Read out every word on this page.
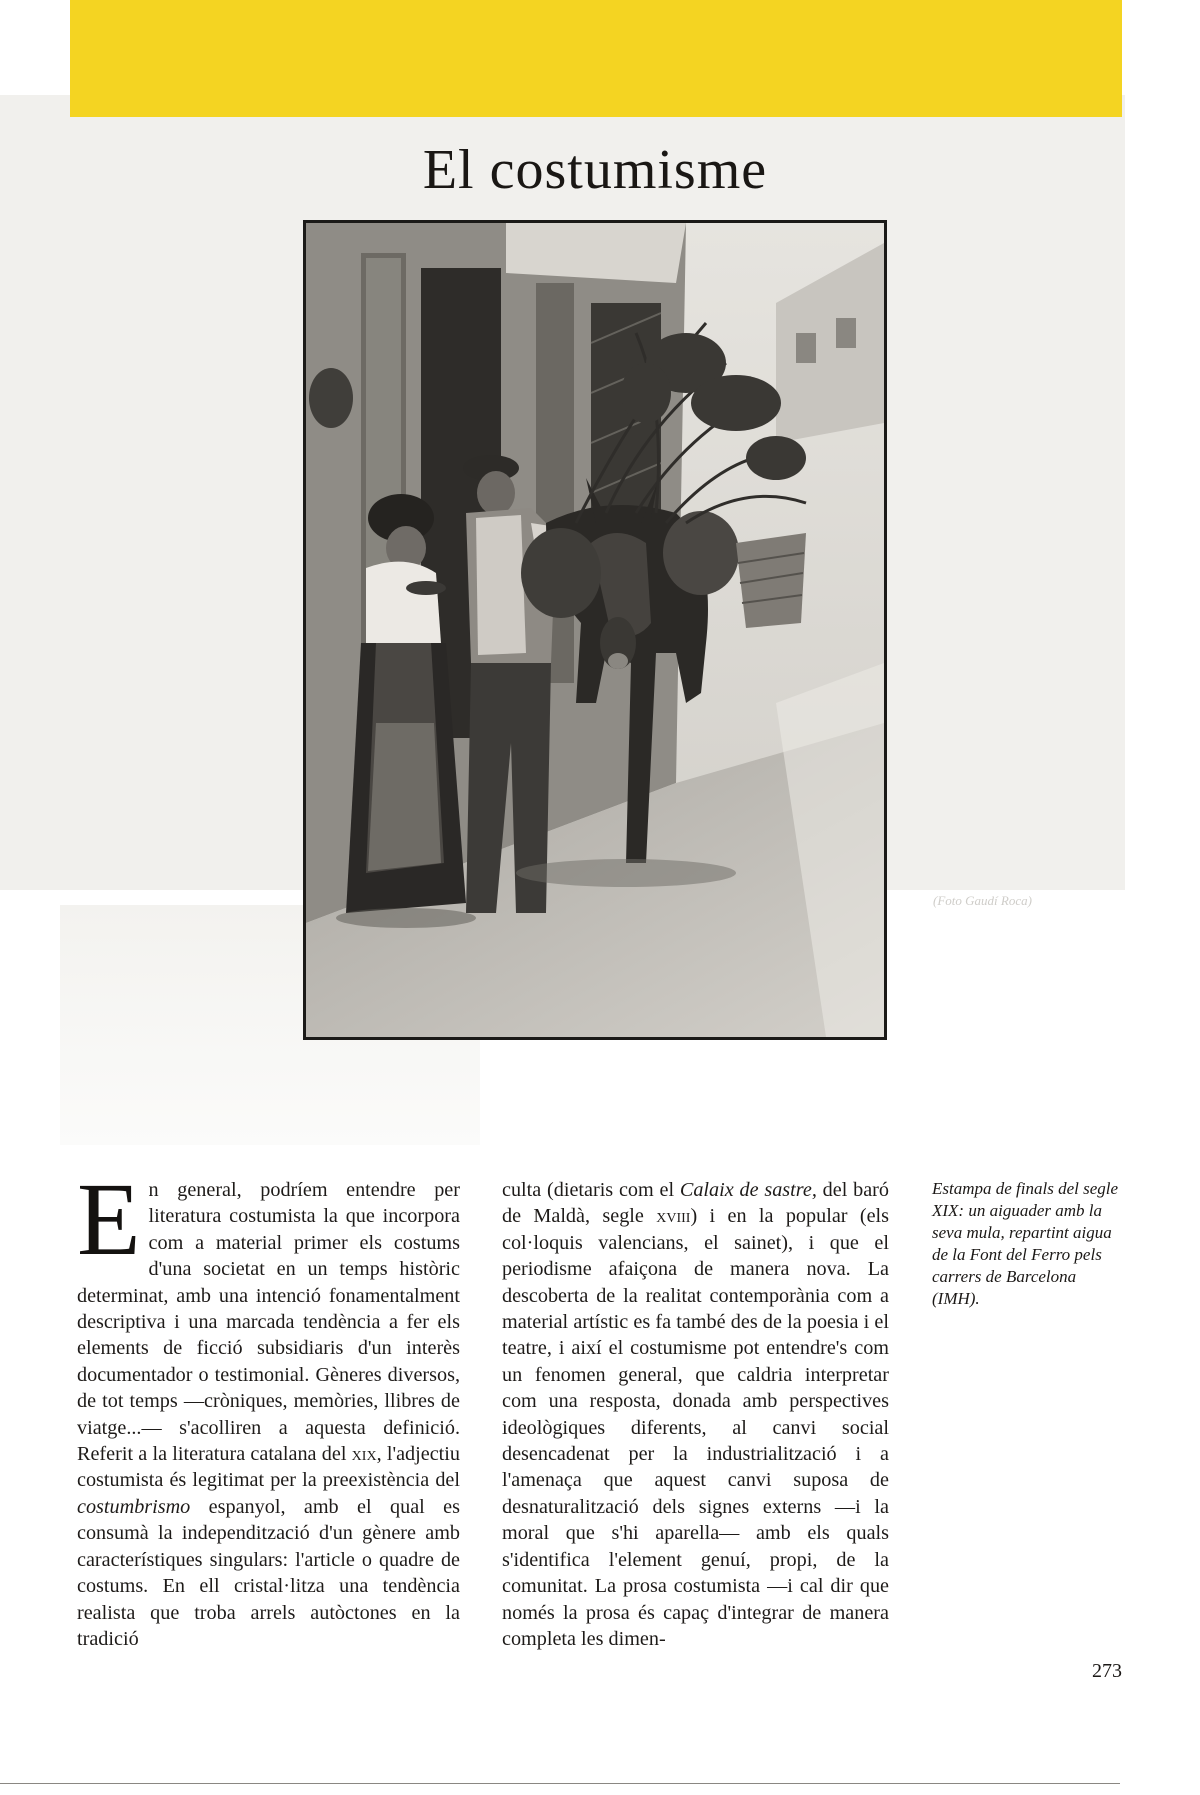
El costumisme
(Foto Gaudí Roca)

En general, podríem entendre per literatura costumista la que incorpora com a material primer els costums d'una societat en un temps històric determinat, amb una intenció fonamentalment descriptiva i una marcada tendència a fer els elements de ficció subsidiaris d'un interès documentador o testimonial. Gèneres diversos, de tot temps —cròniques, memòries, llibres de viatge...— s'acolliren a aquesta definició. Referit a la literatura catalana del xix, l'adjectiu costumista és legitimat per la preexistència del costumbrismo espanyol, amb el qual es consumà la independització d'un gènere amb característiques singulars: l'article o quadre de costums. En ell cristal·litza una tendència realista que troba arrels autòctones en la tradició

culta (dietaris com el Calaix de sastre, del baró de Maldà, segle xviii) i en la popular (els col·loquis valencians, el sainet), i que el periodisme afaiçona de manera nova. La descoberta de la realitat contemporània com a material artístic es fa també des de la poesia i el teatre, i així el costumisme pot entendre's com un fenomen general, que caldria interpretar com una resposta, donada amb perspectives ideològiques diferents, al canvi social desencadenat per la industrialització i a l'amenaça que aquest canvi suposa de desnaturalització dels signes externs —i la moral que s'hi aparella— amb els quals s'identifica l'element genuí, propi, de la comunitat. La prosa costumista —i cal dir que només la prosa és capaç d'integrar de manera completa les dimen-

Estampa de finals del segle XIX: un aiguader amb la seva mula, repartint aigua de la Font del Ferro pels carrers de Barcelona (IMH).
273
